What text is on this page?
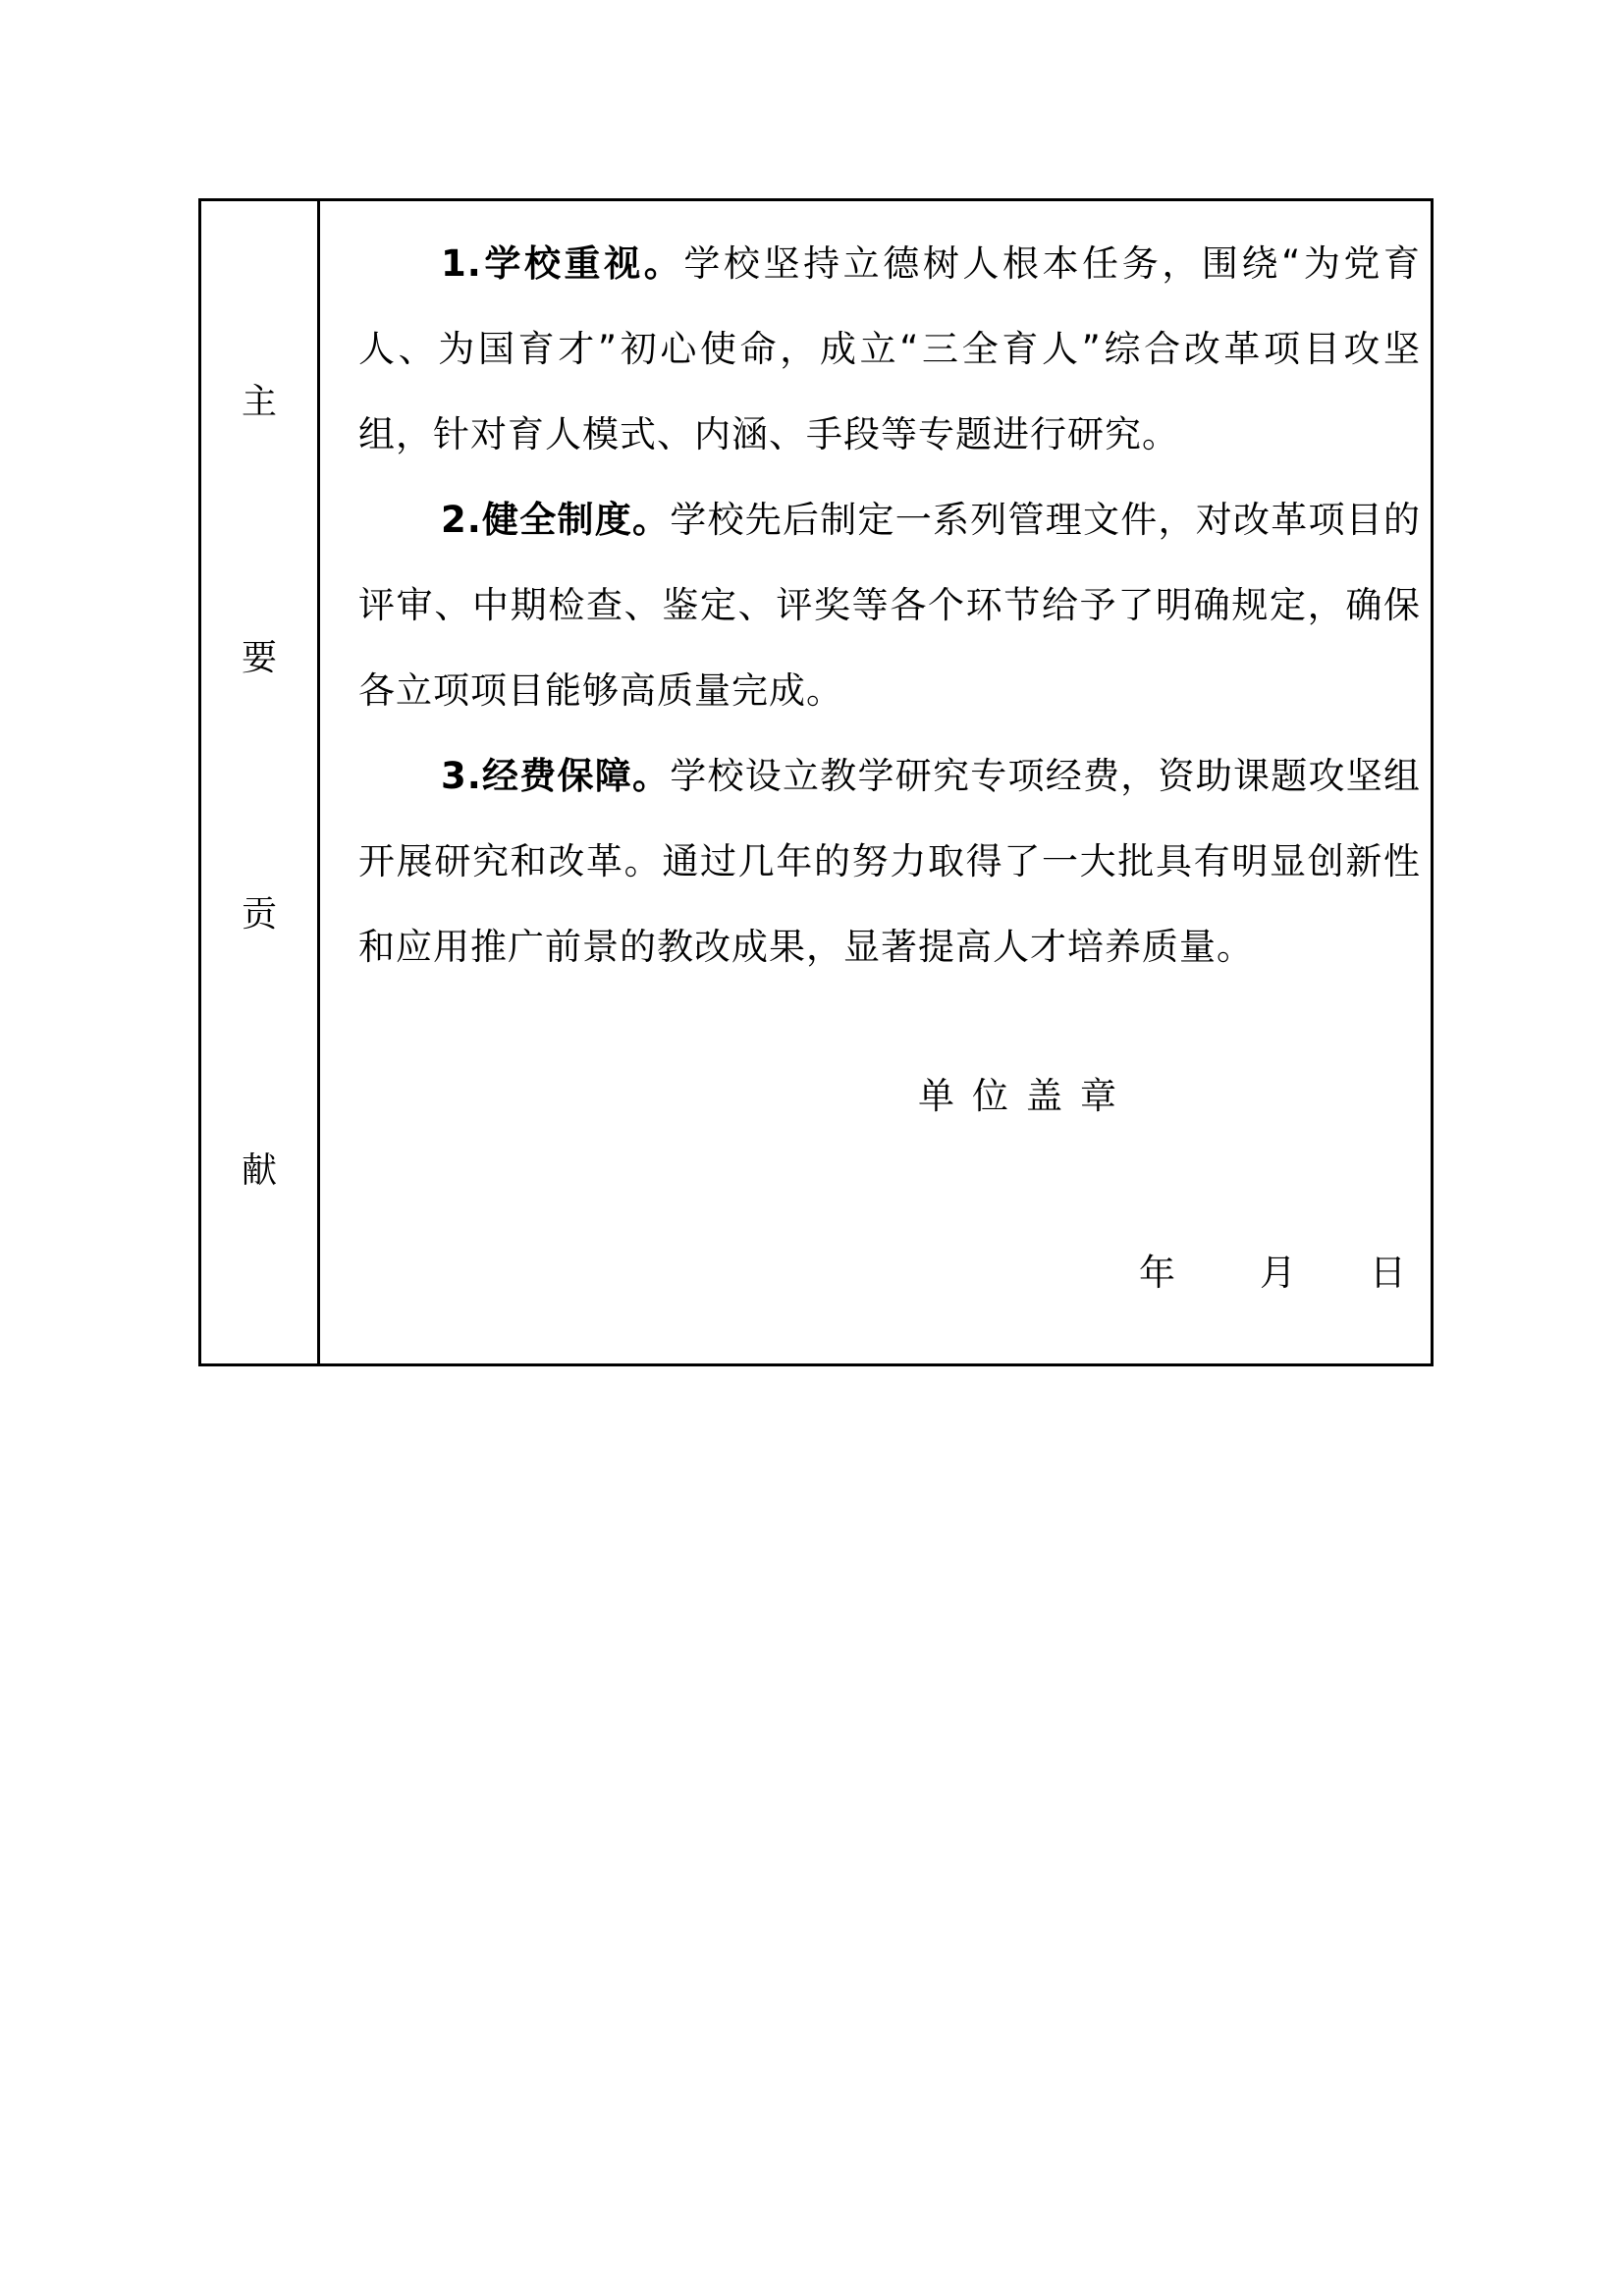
主
要
贡
献

1.学校重视。学校坚持立德树人根本任务，围绕“为党育人、为国育才”初心使命，成立“三全育人”综合改革项目攻坚组，针对育人模式、内涵、手段等专题进行研究。

2.健全制度。学校先后制定一系列管理文件，对改革项目的评审、中期检查、鉴定、评奖等各个环节给予了明确规定，确保各立项项目能够高质量完成。

3.经费保障。学校设立教学研究专项经费，资助课题攻坚组开展研究和改革。通过几年的努力取得了一大批具有明显创新性和应用推广前景的教改成果，显著提高人才培养质量。

单位盖章
年 月 日
